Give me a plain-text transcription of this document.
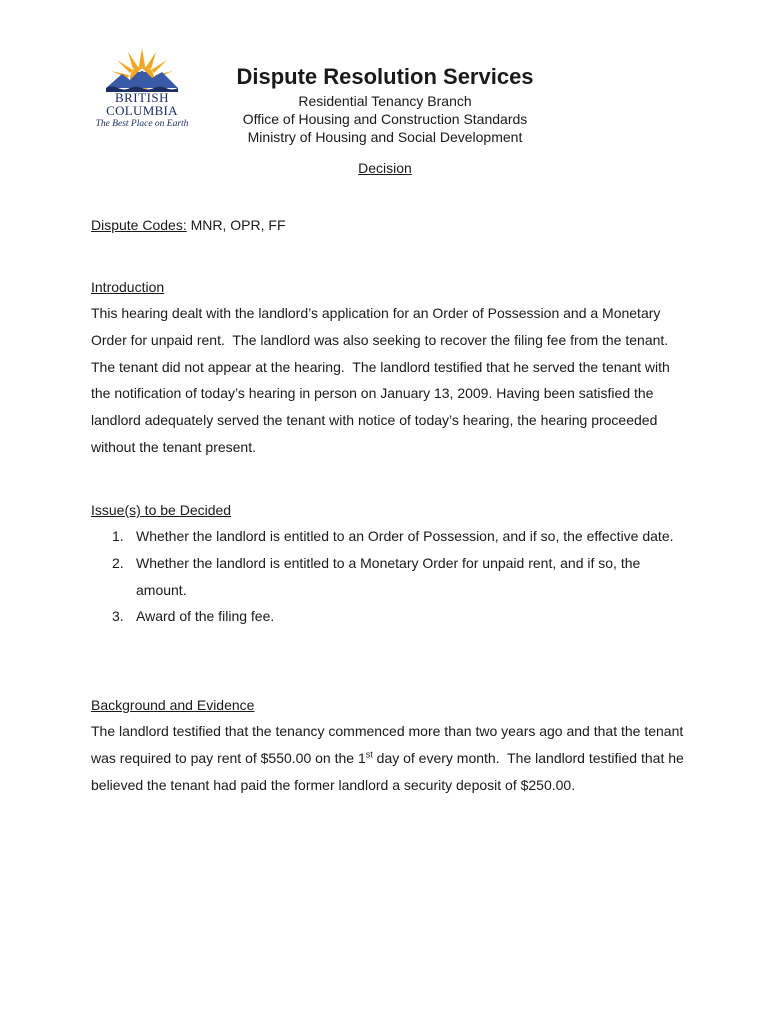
BRITISH
COLUMBIA
The Best Place on Earth
Dispute Resolution Services
Residential Tenancy Branch
Office of Housing and Construction Standards
Ministry of Housing and Social Development
Decision
Dispute Codes: MNR, OPR, FF
Introduction
This hearing dealt with the landlord’s application for an Order of Possession and a Monetary Order for unpaid rent.  The landlord was also seeking to recover the filing fee from the tenant.  The tenant did not appear at the hearing.  The landlord testified that he served the tenant with the notification of today’s hearing in person on January 13, 2009. Having been satisfied the landlord adequately served the tenant with notice of today’s hearing, the hearing proceeded without the tenant present.
Issue(s) to be Decided
1. Whether the landlord is entitled to an Order of Possession, and if so, the effective date.
2. Whether the landlord is entitled to a Monetary Order for unpaid rent, and if so, the amount.
3. Award of the filing fee.
Background and Evidence
The landlord testified that the tenancy commenced more than two years ago and that the tenant was required to pay rent of $550.00 on the 1st day of every month.  The landlord testified that he believed the tenant had paid the former landlord a security deposit of $250.00.
